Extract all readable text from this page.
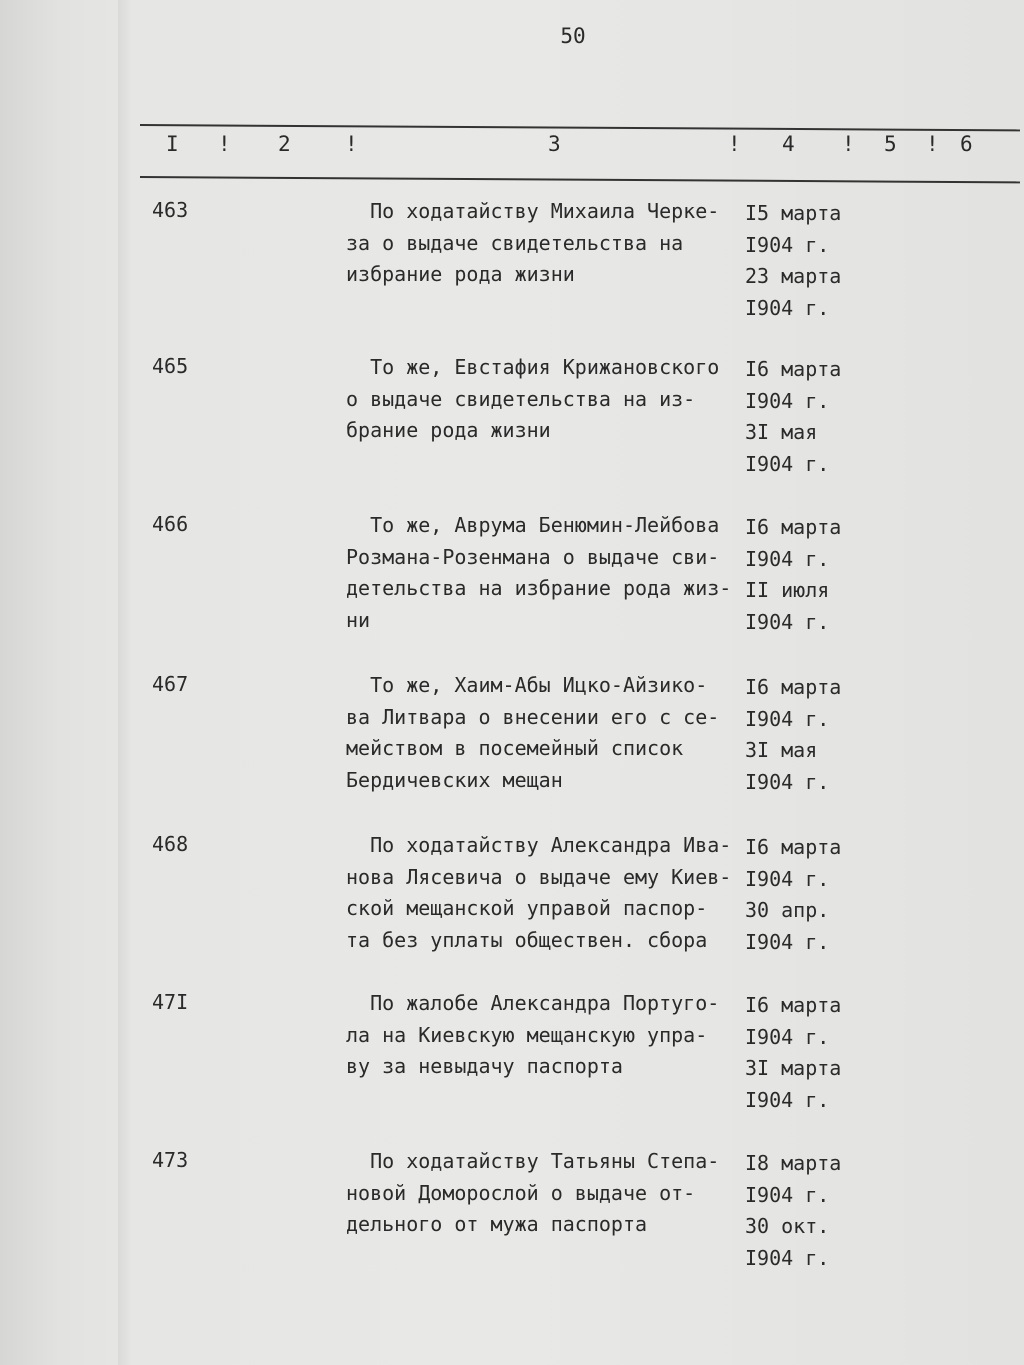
50
I ! 2	!	3	! 4 ! 5 ! 6
463	По ходатайству Михаила Черке-
за о выдаче свидетельства на
избрание рода жизни
I5 марта
I904 г.
23 марта
I904 г.
465	То же, Евстафия Крижановского
о выдаче свидетельства на из-
брание рода жизни
I6 марта
I904 г.
3I мая
I904 г.
466	То же, Аврума Бенюмин-Лейбова
Розмана-Розенмана о выдаче сви-
детельства на избрание рода жиз-
ни
I6 марта
I904 г.
II июля
I904 г.
467	То же, Хаим-Абы Ицко-Айзико-
ва Литвара о внесении его с се-
мейством в посемейный список
Бердичевских мещан
I6 марта
I904 г.
3I мая
I904 г.
468	По ходатайству Александра Ива-
нова Лясевича о выдаче ему Киев-
ской мещанской управой паспор-
та без уплаты обществен. сбора
I6 марта
I904 г.
30 апр.
I904 г.
47I	По жалобе Александра Португо-
ла на Киевскую мещанскую упра-
ву за невыдачу паспорта
I6 марта
I904 г.
3I марта
I904 г.
473	По ходатайству Татьяны Степа-
новой Доморослой о выдаче от-
дельного от мужа паспорта
I8 марта
I904 г.
30 окт.
I904 г.
